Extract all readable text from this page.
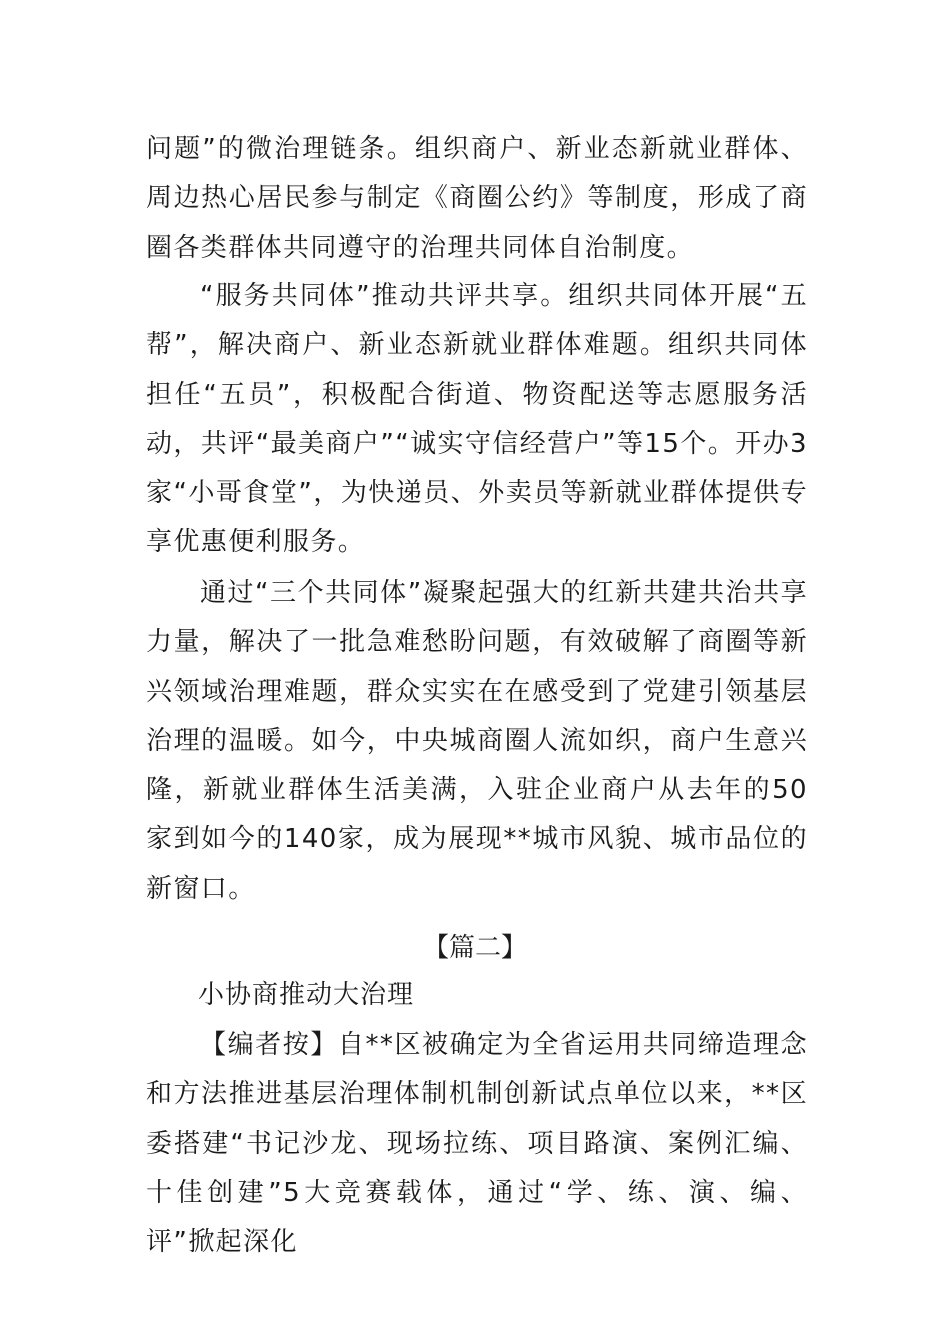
问题”的微治理链条。组织商户、新业态新就业群体、周边热心居民参与制定《商圈公约》等制度，形成了商圈各类群体共同遵守的治理共同体自治制度。

“服务共同体”推动共评共享。组织共同体开展“五帮”，解决商户、新业态新就业群体难题。组织共同体担任“五员”，积极配合街道、物资配送等志愿服务活动，共评“最美商户”“诚实守信经营户”等15个。开办3家“小哥食堂”，为快递员、外卖员等新就业群体提供专享优惠便利服务。

通过“三个共同体”凝聚起强大的红新共建共治共享力量，解决了一批急难愁盼问题，有效破解了商圈等新兴领域治理难题，群众实实在在感受到了党建引领基层治理的温暖。如今，中央城商圈人流如织，商户生意兴隆，新就业群体生活美满，入驻企业商户从去年的50家到如今的140家，成为展现**城市风貌、城市品位的新窗口。

【篇二】
小协商推动大治理

【编者按】自**区被确定为全省运用共同缔造理念和方法推进基层治理体制机制创新试点单位以来，**区委搭建“书记沙龙、现场拉练、项目路演、案例汇编、十佳创建”5大竞赛载体，通过“学、练、演、编、评”掀起深化
